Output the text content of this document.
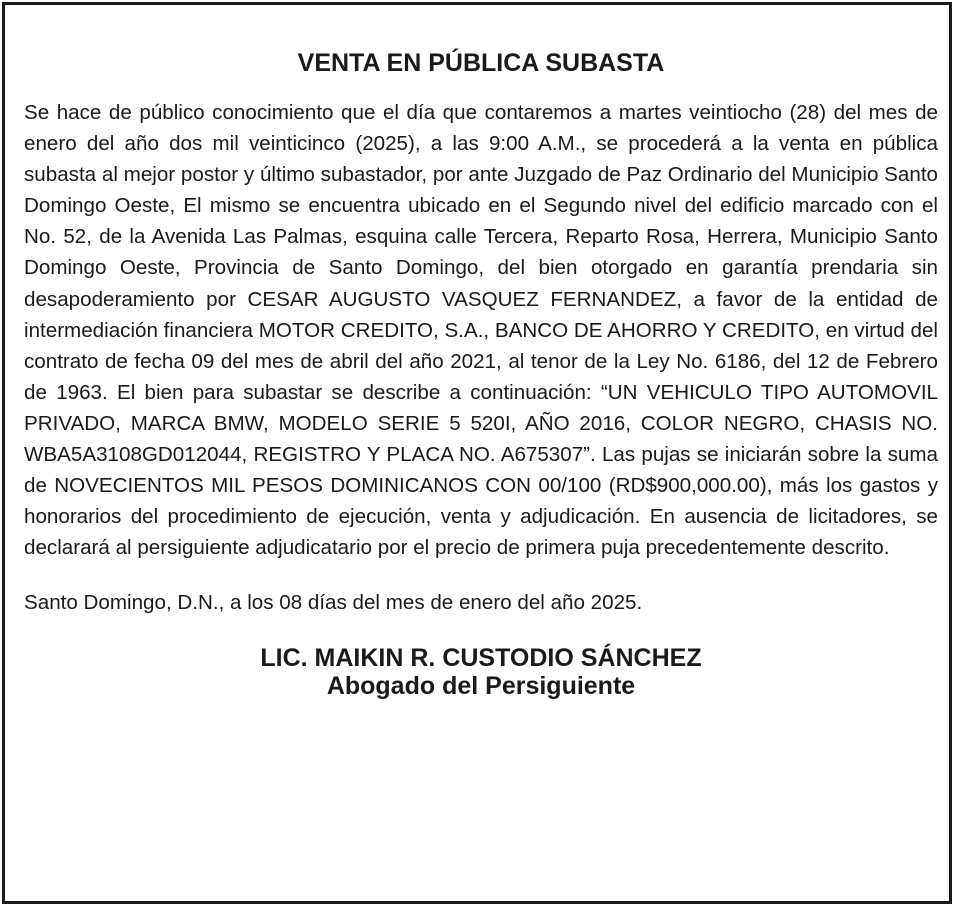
VENTA EN PÚBLICA SUBASTA

Se hace de público conocimiento que el día que contaremos a martes veintiocho (28) del mes de enero del año dos mil veinticinco (2025), a las 9:00 A.M., se procederá a la venta en pública subasta al mejor postor y último subastador, por ante Juzgado de Paz Ordinario del Municipio Santo Domingo Oeste, El mismo se encuentra ubicado en el Segundo nivel del edificio marcado con el No. 52, de la Avenida Las Palmas, esquina calle Tercera, Reparto Rosa, Herrera, Municipio Santo Domingo Oeste, Provincia de Santo Domingo, del bien otorgado en garantía prendaria sin desapoderamiento por CESAR AUGUSTO VASQUEZ FERNANDEZ, a favor de la entidad de intermediación financiera MOTOR CREDITO, S.A., BANCO DE AHORRO Y CREDITO, en virtud del contrato de fecha 09 del mes de abril del año 2021, al tenor de la Ley No. 6186, del 12 de Febrero de 1963. El bien para subastar se describe a continuación: “UN VEHICULO TIPO AUTOMOVIL PRIVADO, MARCA BMW, MODELO SERIE 5 520I, AÑO 2016, COLOR NEGRO, CHASIS NO. WBA5A3108GD012044, REGISTRO Y PLACA NO. A675307”. Las pujas se iniciarán sobre la suma de NOVECIENTOS MIL PESOS DOMINICANOS CON 00/100 (RD$900,000.00), más los gastos y honorarios del procedimiento de ejecución, venta y adjudicación. En ausencia de licitadores, se declarará al persiguiente adjudicatario por el precio de primera puja precedentemente descrito.

Santo Domingo, D.N., a los 08 días del mes de enero del año 2025.

LIC. MAIKIN R. CUSTODIO SÁNCHEZ
Abogado del Persiguiente
